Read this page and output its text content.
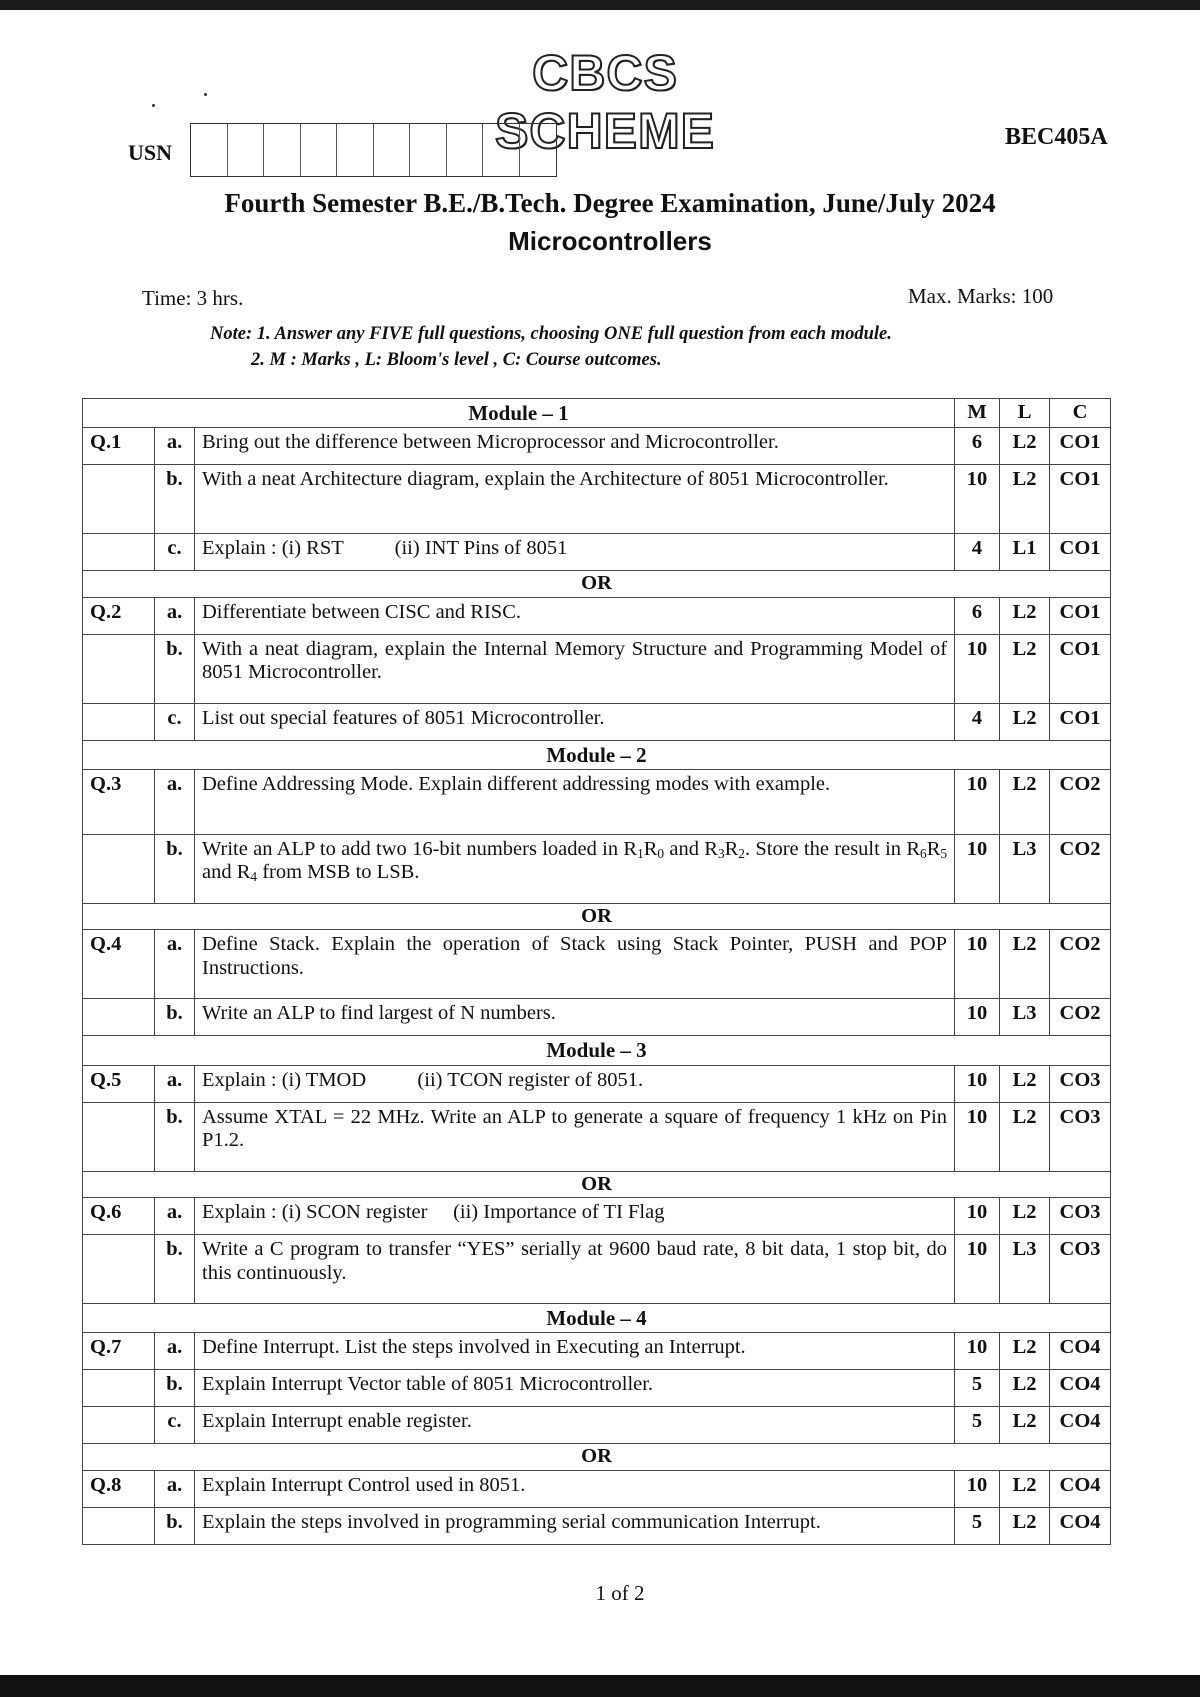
CBCS SCHEME
USN
BEC405A
Fourth Semester B.E./B.Tech. Degree Examination, June/July 2024
Microcontrollers
Time: 3 hrs.	Max. Marks: 100
Note: 1. Answer any FIVE full questions, choosing ONE full question from each module.
2. M : Marks , L: Bloom's level , C: Course outcomes.
Module – 1			M	L	C
Q.1	a.	Bring out the difference between Microprocessor and Microcontroller.	6	L2	CO1
	b.	With a neat Architecture diagram, explain the Architecture of 8051 Microcontroller.	10	L2	CO1
	c.	Explain : (i) RST          (ii) INT Pins of 8051	4	L1	CO1
OR					
Q.2	a.	Differentiate between CISC and RISC.	6	L2	CO1
	b.	With a neat diagram, explain the Internal Memory Structure and Programming Model of 8051 Microcontroller.	10	L2	CO1
	c.	List out special features of 8051 Microcontroller.	4	L2	CO1
Module – 2					
Q.3	a.	Define Addressing Mode. Explain different addressing modes with example.	10	L2	CO2
	b.	Write an ALP to add two 16-bit numbers loaded in $R_1R_0$ and $R_3R_2$. Store the result in $R_6R_5$ and $R_4$ from MSB to LSB.	10	L3	CO2
OR					
Q.4	a.	Define Stack. Explain the operation of Stack using Stack Pointer, PUSH and POP Instructions.	10	L2	CO2
	b.	Write an ALP to find largest of N numbers.	10	L3	CO2
Module – 3					
Q.5	a.	Explain : (i) TMOD          (ii) TCON register of 8051.	10	L2	CO3
	b.	Assume XTAL = 22 MHz. Write an ALP to generate a square of frequency 1 kHz on Pin P1.2.	10	L2	CO3
OR					
Q.6	a.	Explain : (i) SCON register     (ii) Importance of TI Flag	10	L2	CO3
	b.	Write a C program to transfer “YES” serially at 9600 baud rate, 8 bit data, 1 stop bit, do this continuously.	10	L3	CO3
Module – 4					
Q.7	a.	Define Interrupt. List the steps involved in Executing an Interrupt.	10	L2	CO4
	b.	Explain Interrupt Vector table of 8051 Microcontroller.	5	L2	CO4
	c.	Explain Interrupt enable register.	5	L2	CO4
OR					
Q.8	a.	Explain Interrupt Control used in 8051.	10	L2	CO4
	b.	Explain the steps involved in programming serial communication Interrupt.	5	L2	CO4
1 of 2
